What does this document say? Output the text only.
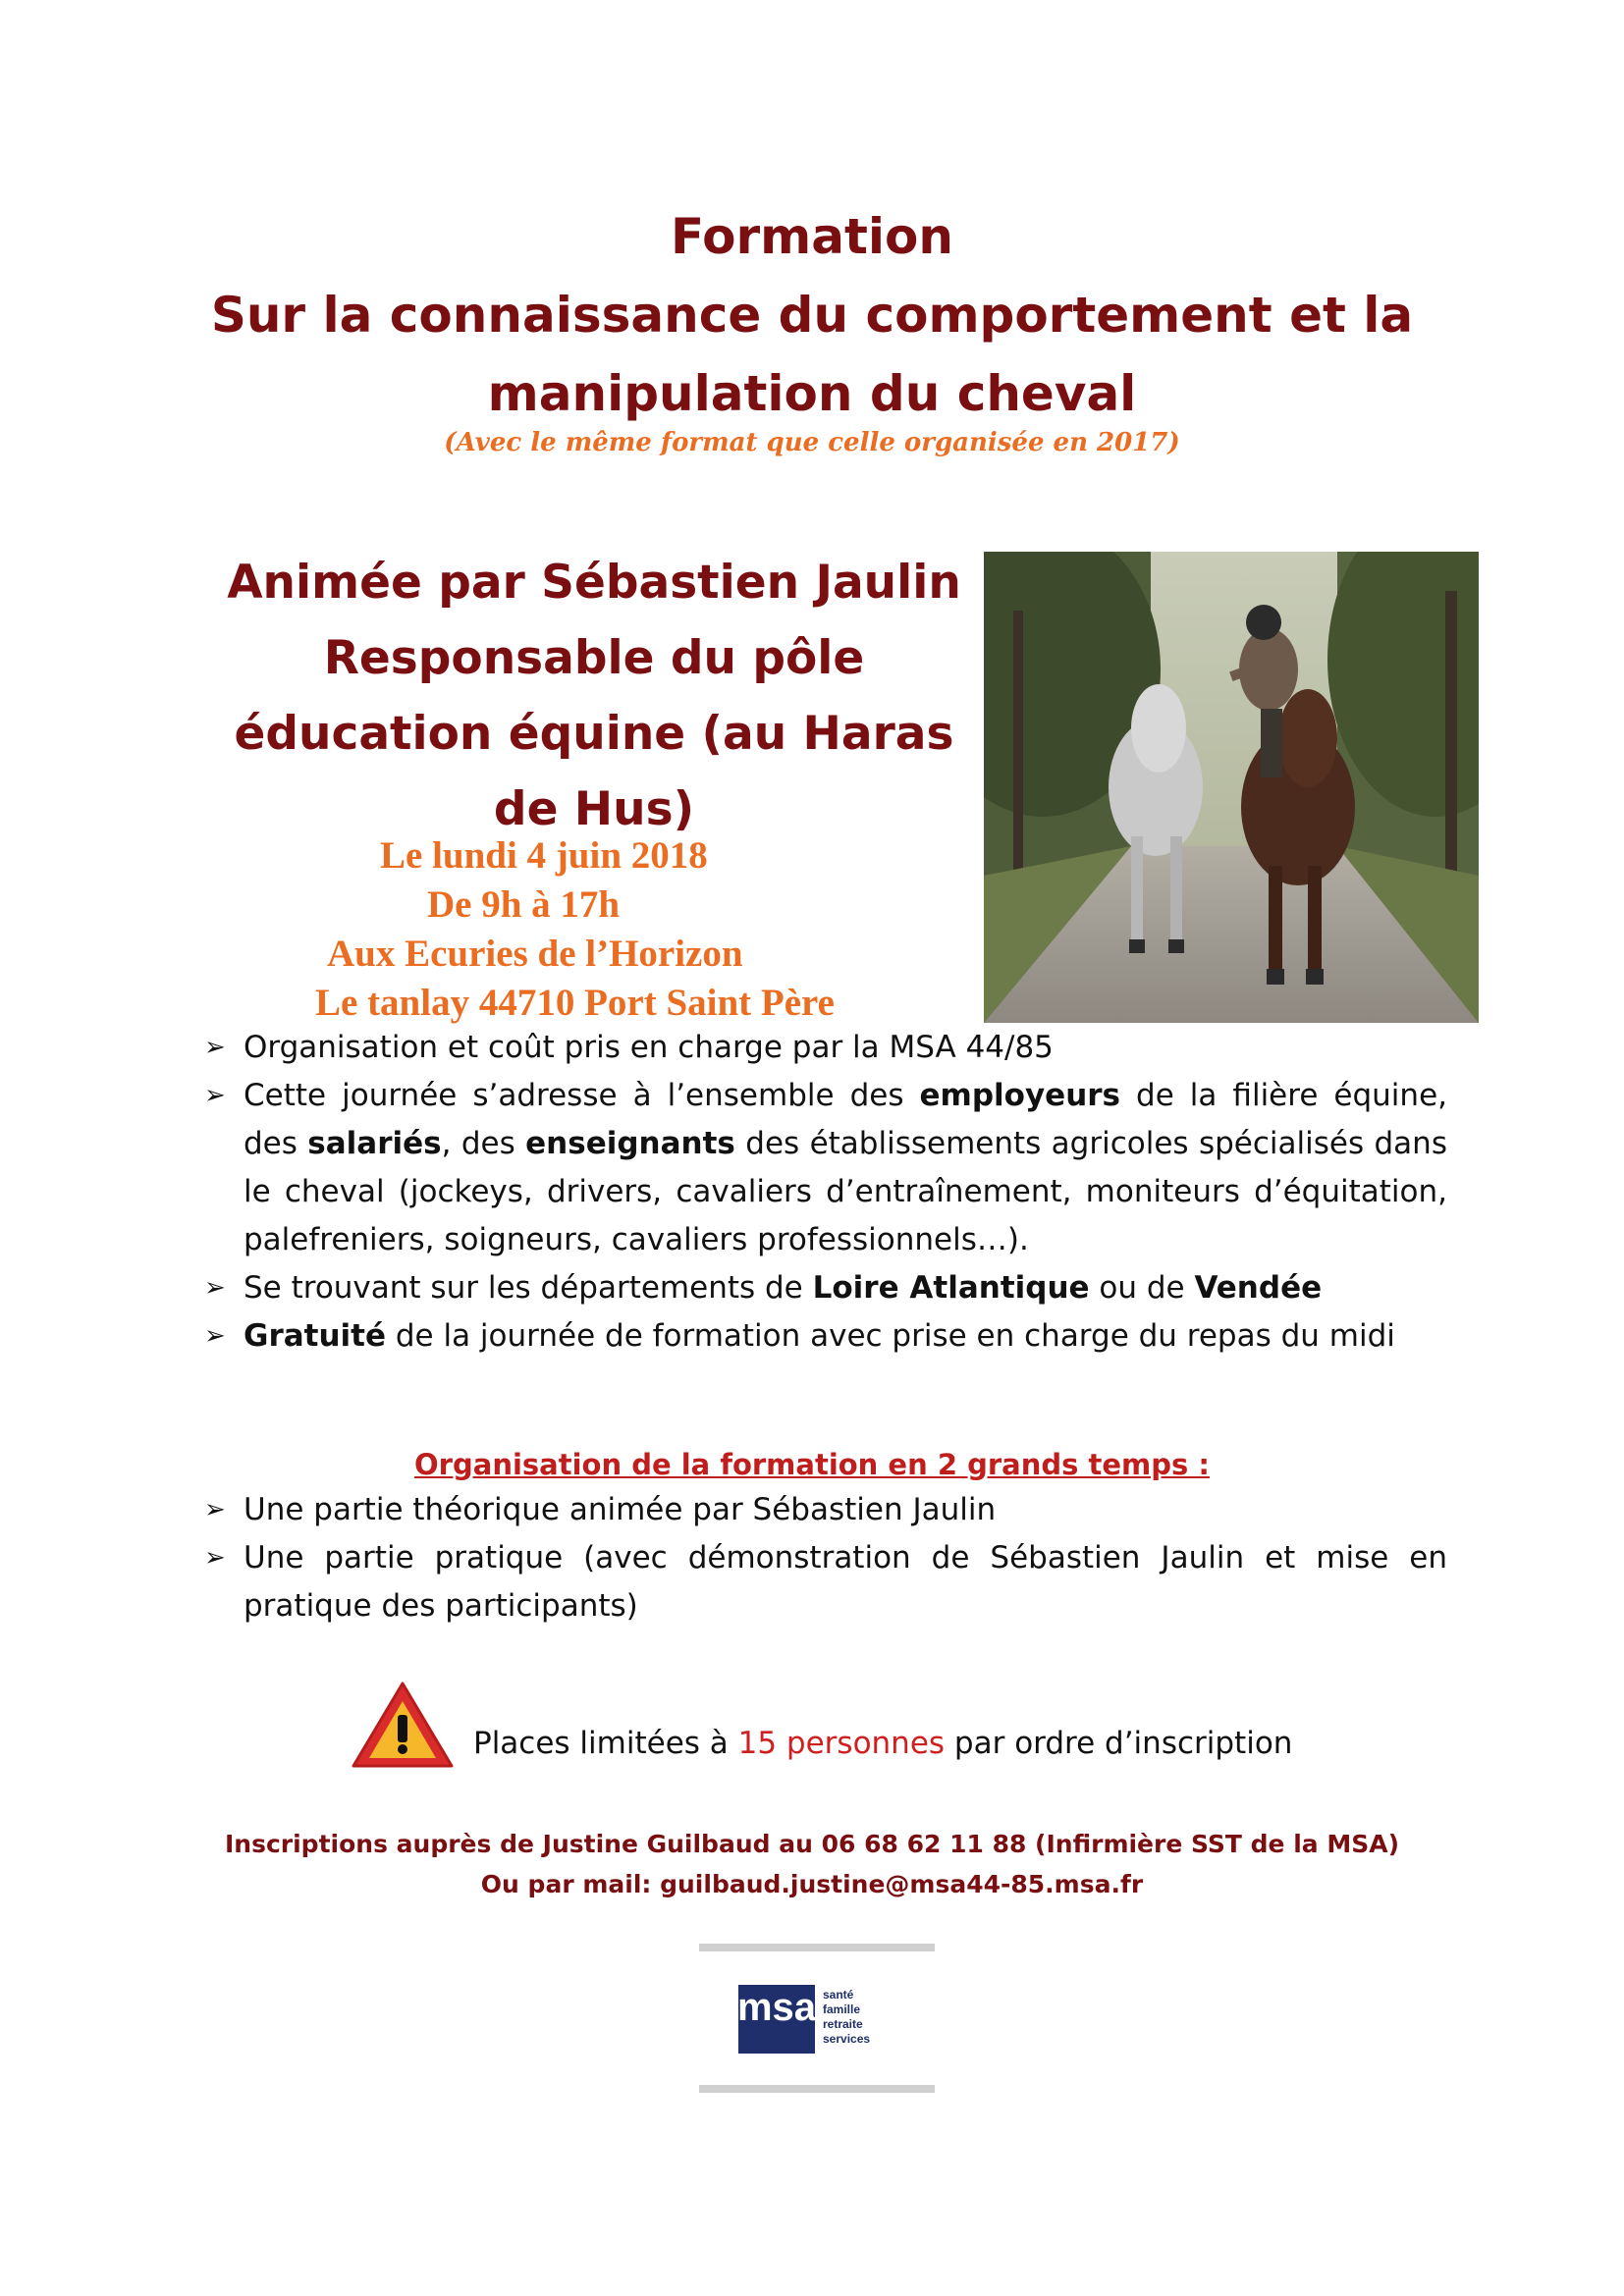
Formation
Sur la connaissance du comportement et la
manipulation du cheval
(Avec le même format que celle organisée en 2017)
Animée par Sébastien Jaulin
Responsable du pôle
éducation équine (au Haras
de Hus)
Le lundi 4 juin 2018
De 9h à 17h
Aux Ecuries de l’Horizon
Le tanlay 44710 Port Saint Père
➢ Organisation et coût pris en charge par la MSA 44/85
➢ Cette journée s’adresse à l’ensemble des employeurs de la filière équine, des salariés, des enseignants des établissements agricoles spécialisés dans le cheval (jockeys, drivers, cavaliers d’entraînement, moniteurs d’équitation, palefreniers, soigneurs, cavaliers professionnels…).
➢ Se trouvant sur les départements de Loire Atlantique ou de Vendée
➢ Gratuité de la journée de formation avec prise en charge du repas du midi
Organisation de la formation en 2 grands temps :
➢ Une partie théorique animée par Sébastien Jaulin
➢ Une partie pratique (avec démonstration de Sébastien Jaulin et mise en pratique des participants)
Places limitées à 15 personnes par ordre d’inscription
Inscriptions auprès de Justine Guilbaud au 06 68 62 11 88 (Infirmière SST de la MSA)
Ou par mail: guilbaud.justine@msa44-85.msa.fr
msa santé
famille
retraite
services
